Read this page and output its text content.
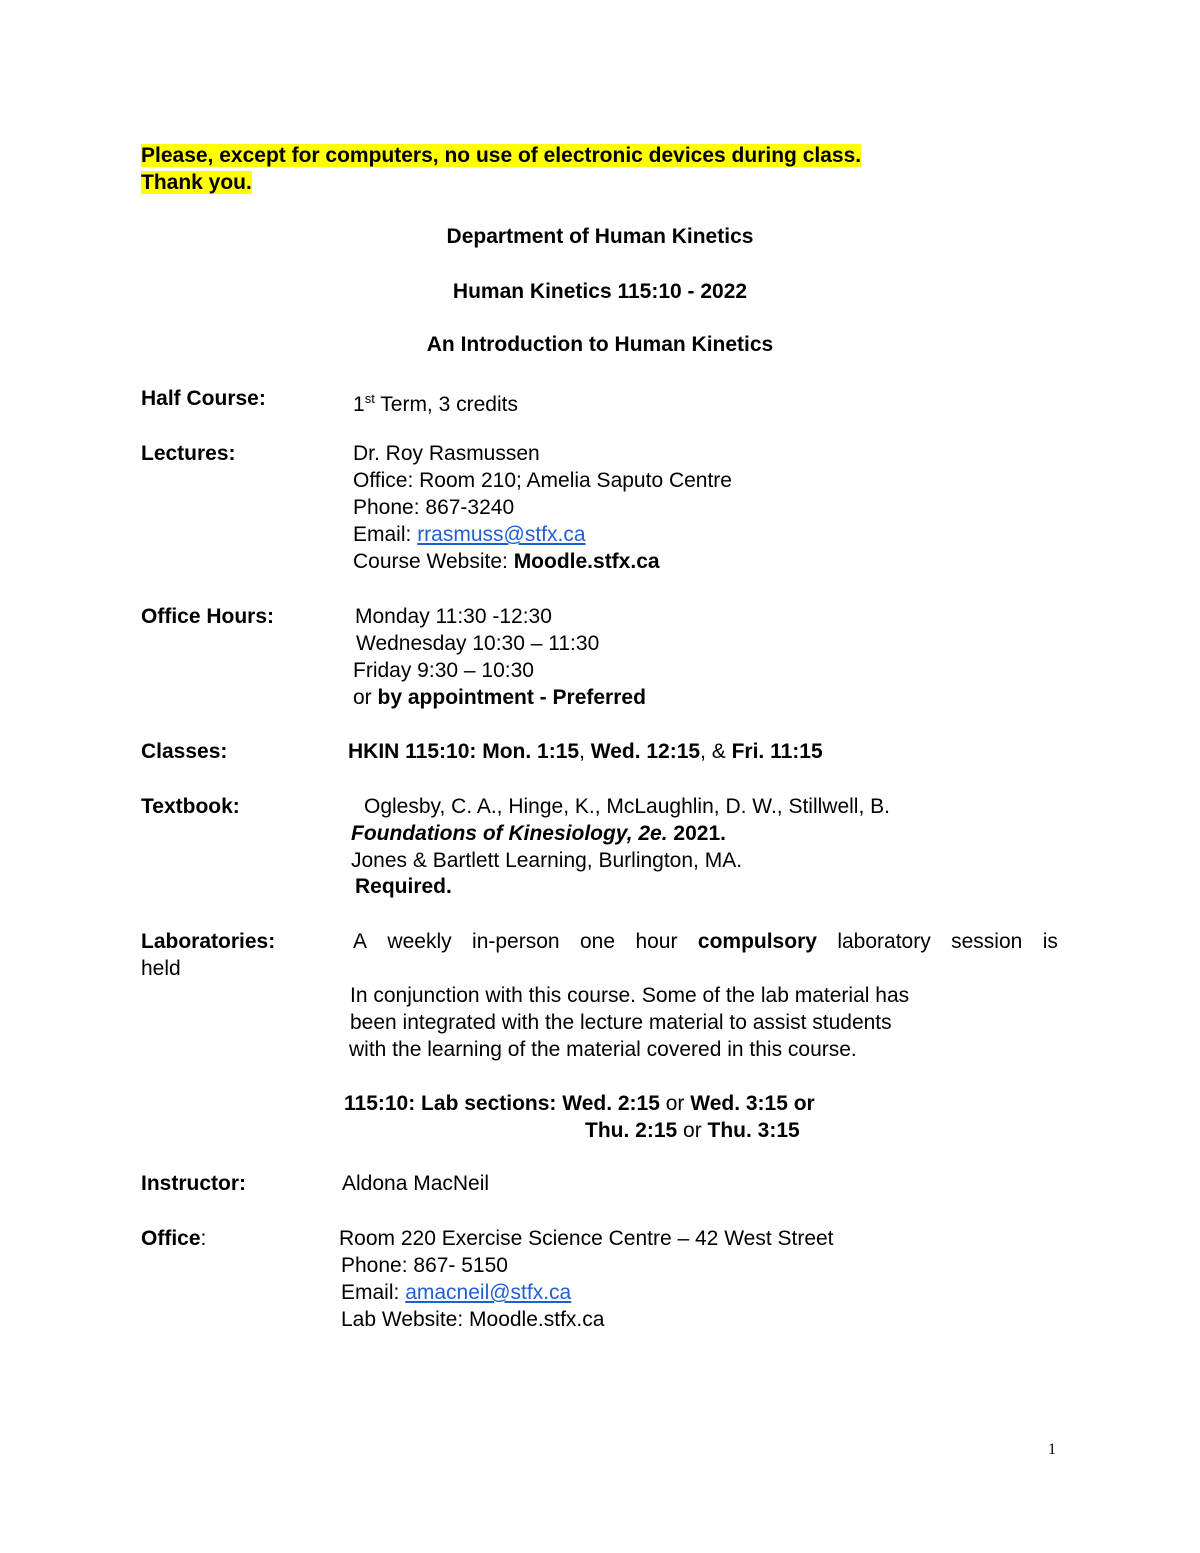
Please, except for computers, no use of electronic devices during class.
Thank you.
Department of Human Kinetics
Human Kinetics 115:10 - 2022
An Introduction to Human Kinetics
Half Course:	1st Term, 3 credits
Lectures:	Dr. Roy Rasmussen
Office: Room 210; Amelia Saputo Centre
Phone: 867-3240
Email: rrasmuss@stfx.ca
Course Website: Moodle.stfx.ca
Office Hours:	Monday 11:30 -12:30
Wednesday 10:30 – 11:30
Friday 9:30 – 10:30
or by appointment - Preferred
Classes:	HKIN 115:10: Mon. 1:15, Wed. 12:15, & Fri. 11:15
Textbook:	Oglesby, C. A., Hinge, K., McLaughlin, D. W., Stillwell, B.
Foundations of Kinesiology, 2e. 2021.
Jones & Bartlett Learning, Burlington, MA.
Required.
Laboratories:	A weekly in-person one hour compulsory laboratory session is
held
In conjunction with this course. Some of the lab material has
been integrated with the lecture material to assist students
with the learning of the material covered in this course.
115:10: Lab sections: Wed. 2:15 or Wed. 3:15 or
Thu. 2:15 or Thu. 3:15
Instructor:	Aldona MacNeil
Office:	Room 220 Exercise Science Centre – 42 West Street
Phone: 867- 5150
Email: amacneil@stfx.ca
Lab Website: Moodle.stfx.ca
1
